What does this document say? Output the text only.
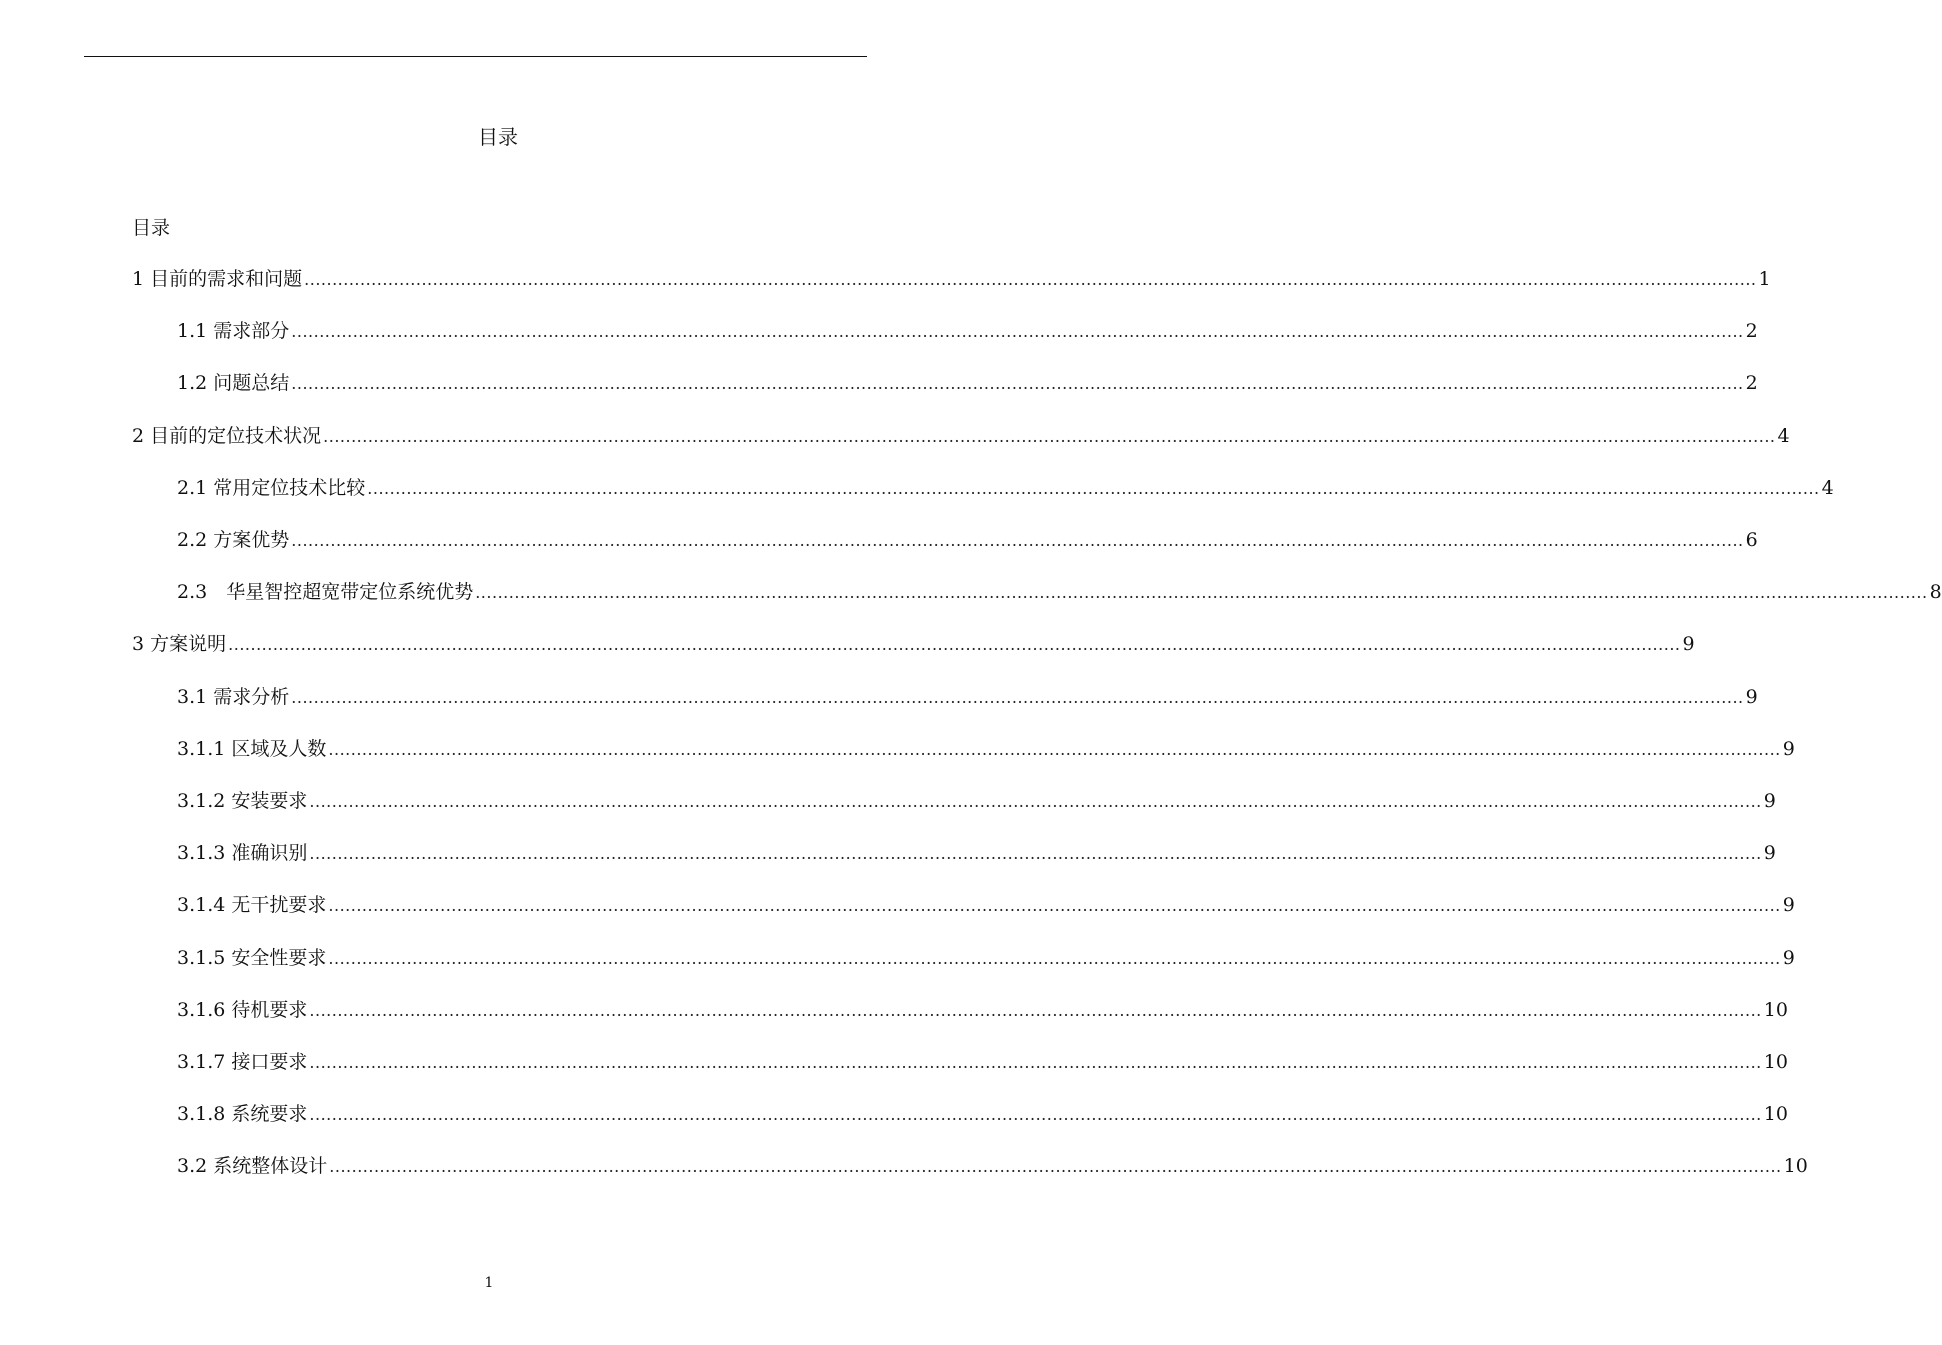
目录
目录
1 目前的需求和问题 .................................................................................................................................................................................................................................................................... 1
1.1 需求部分 .................................................................................................................................................................................................................................................................... 2
1.2 问题总结 .................................................................................................................................................................................................................................................................... 2
2 目前的定位技术状况 .................................................................................................................................................................................................................................................................... 4
2.1 常用定位技术比较 .................................................................................................................................................................................................................................................................... 4
2.2 方案优势 .................................................................................................................................................................................................................................................................... 6
2.3　华星智控超宽带定位系统优势 .................................................................................................................................................................................................................................................................... 8
3 方案说明 .................................................................................................................................................................................................................................................................... 9
3.1 需求分析 .................................................................................................................................................................................................................................................................... 9
3.1.1 区域及人数 .................................................................................................................................................................................................................................................................... 9
3.1.2 安装要求 .................................................................................................................................................................................................................................................................... 9
3.1.3 准确识别 .................................................................................................................................................................................................................................................................... 9
3.1.4 无干扰要求 .................................................................................................................................................................................................................................................................... 9
3.1.5 安全性要求 .................................................................................................................................................................................................................................................................... 9
3.1.6 待机要求 .................................................................................................................................................................................................................................................................... 10
3.1.7 接口要求 .................................................................................................................................................................................................................................................................... 10
3.1.8 系统要求 .................................................................................................................................................................................................................................................................... 10
3.2 系统整体设计 .................................................................................................................................................................................................................................................................... 10
1
